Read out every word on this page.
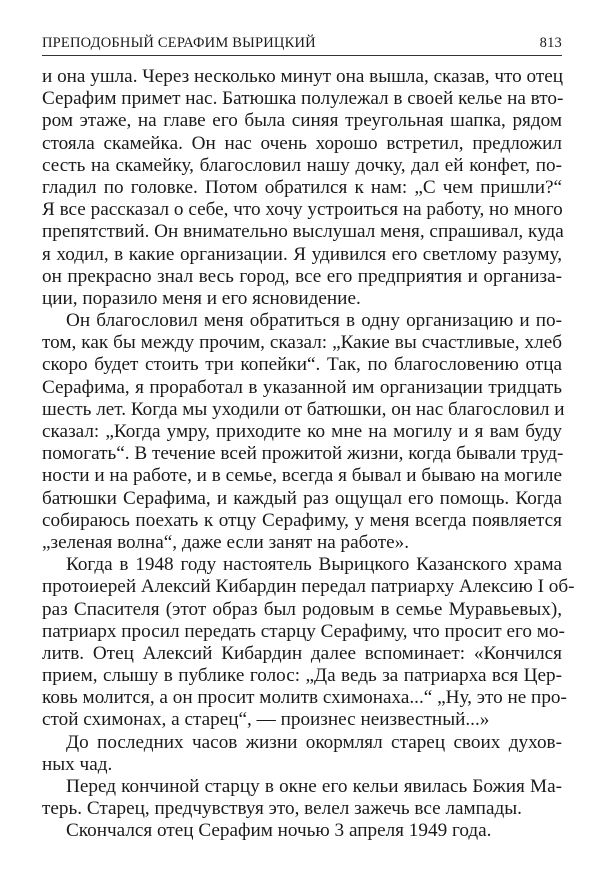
ПРЕПОДОБНЫЙ СЕРАФИМ ВЫРИЦКИЙ	813
и она ушла. Через несколько минут она вышла, сказав, что отец
Серафим примет нас. Батюшка полулежал в своей келье на вто-
ром этаже, на главе его была синяя треугольная шапка, рядом
стояла скамейка. Он нас очень хорошо встретил, предложил
сесть на скамейку, благословил нашу дочку, дал ей конфет, по-
гладил по головке. Потом обратился к нам: „С чем пришли?“
Я все рассказал о себе, что хочу устроиться на работу, но много
препятствий. Он внимательно выслушал меня, спрашивал, куда
я ходил, в какие организации. Я удивился его светлому разуму,
он прекрасно знал весь город, все его предприятия и организа-
ции, поразило меня и его ясновидение.
Он благословил меня обратиться в одну организацию и по-
том, как бы между прочим, сказал: „Какие вы счастливые, хлеб
скоро будет стоить три копейки“. Так, по благословению отца
Серафима, я проработал в указанной им организации тридцать
шесть лет. Когда мы уходили от батюшки, он нас благословил и
сказал: „Когда умру, приходите ко мне на могилу и я вам буду
помогать“. В течение всей прожитой жизни, когда бывали труд-
ности и на работе, и в семье, всегда я бывал и бываю на могиле
батюшки Серафима, и каждый раз ощущал его помощь. Когда
собираюсь поехать к отцу Серафиму, у меня всегда появляется
„зеленая волна“, даже если занят на работе».
Когда в 1948 году настоятель Вырицкого Казанского храма
протоиерей Алексий Кибардин передал патриарху Алексию I об-
раз Спасителя (этот образ был родовым в семье Муравьевых),
патриарх просил передать старцу Серафиму, что просит его мо-
литв. Отец Алексий Кибардин далее вспоминает: «Кончился
прием, слышу в публике голос: „Да ведь за патриарха вся Цер-
ковь молится, а он просит молитв схимонаха...“ „Ну, это не про-
стой схимонах, а старец“, — произнес неизвестный...»
До последних часов жизни окормлял старец своих духов-
ных чад.
Перед кончиной старцу в окне его кельи явилась Божия Ма-
терь. Старец, предчувствуя это, велел зажечь все лампады.
Скончался отец Серафим ночью 3 апреля 1949 года.
